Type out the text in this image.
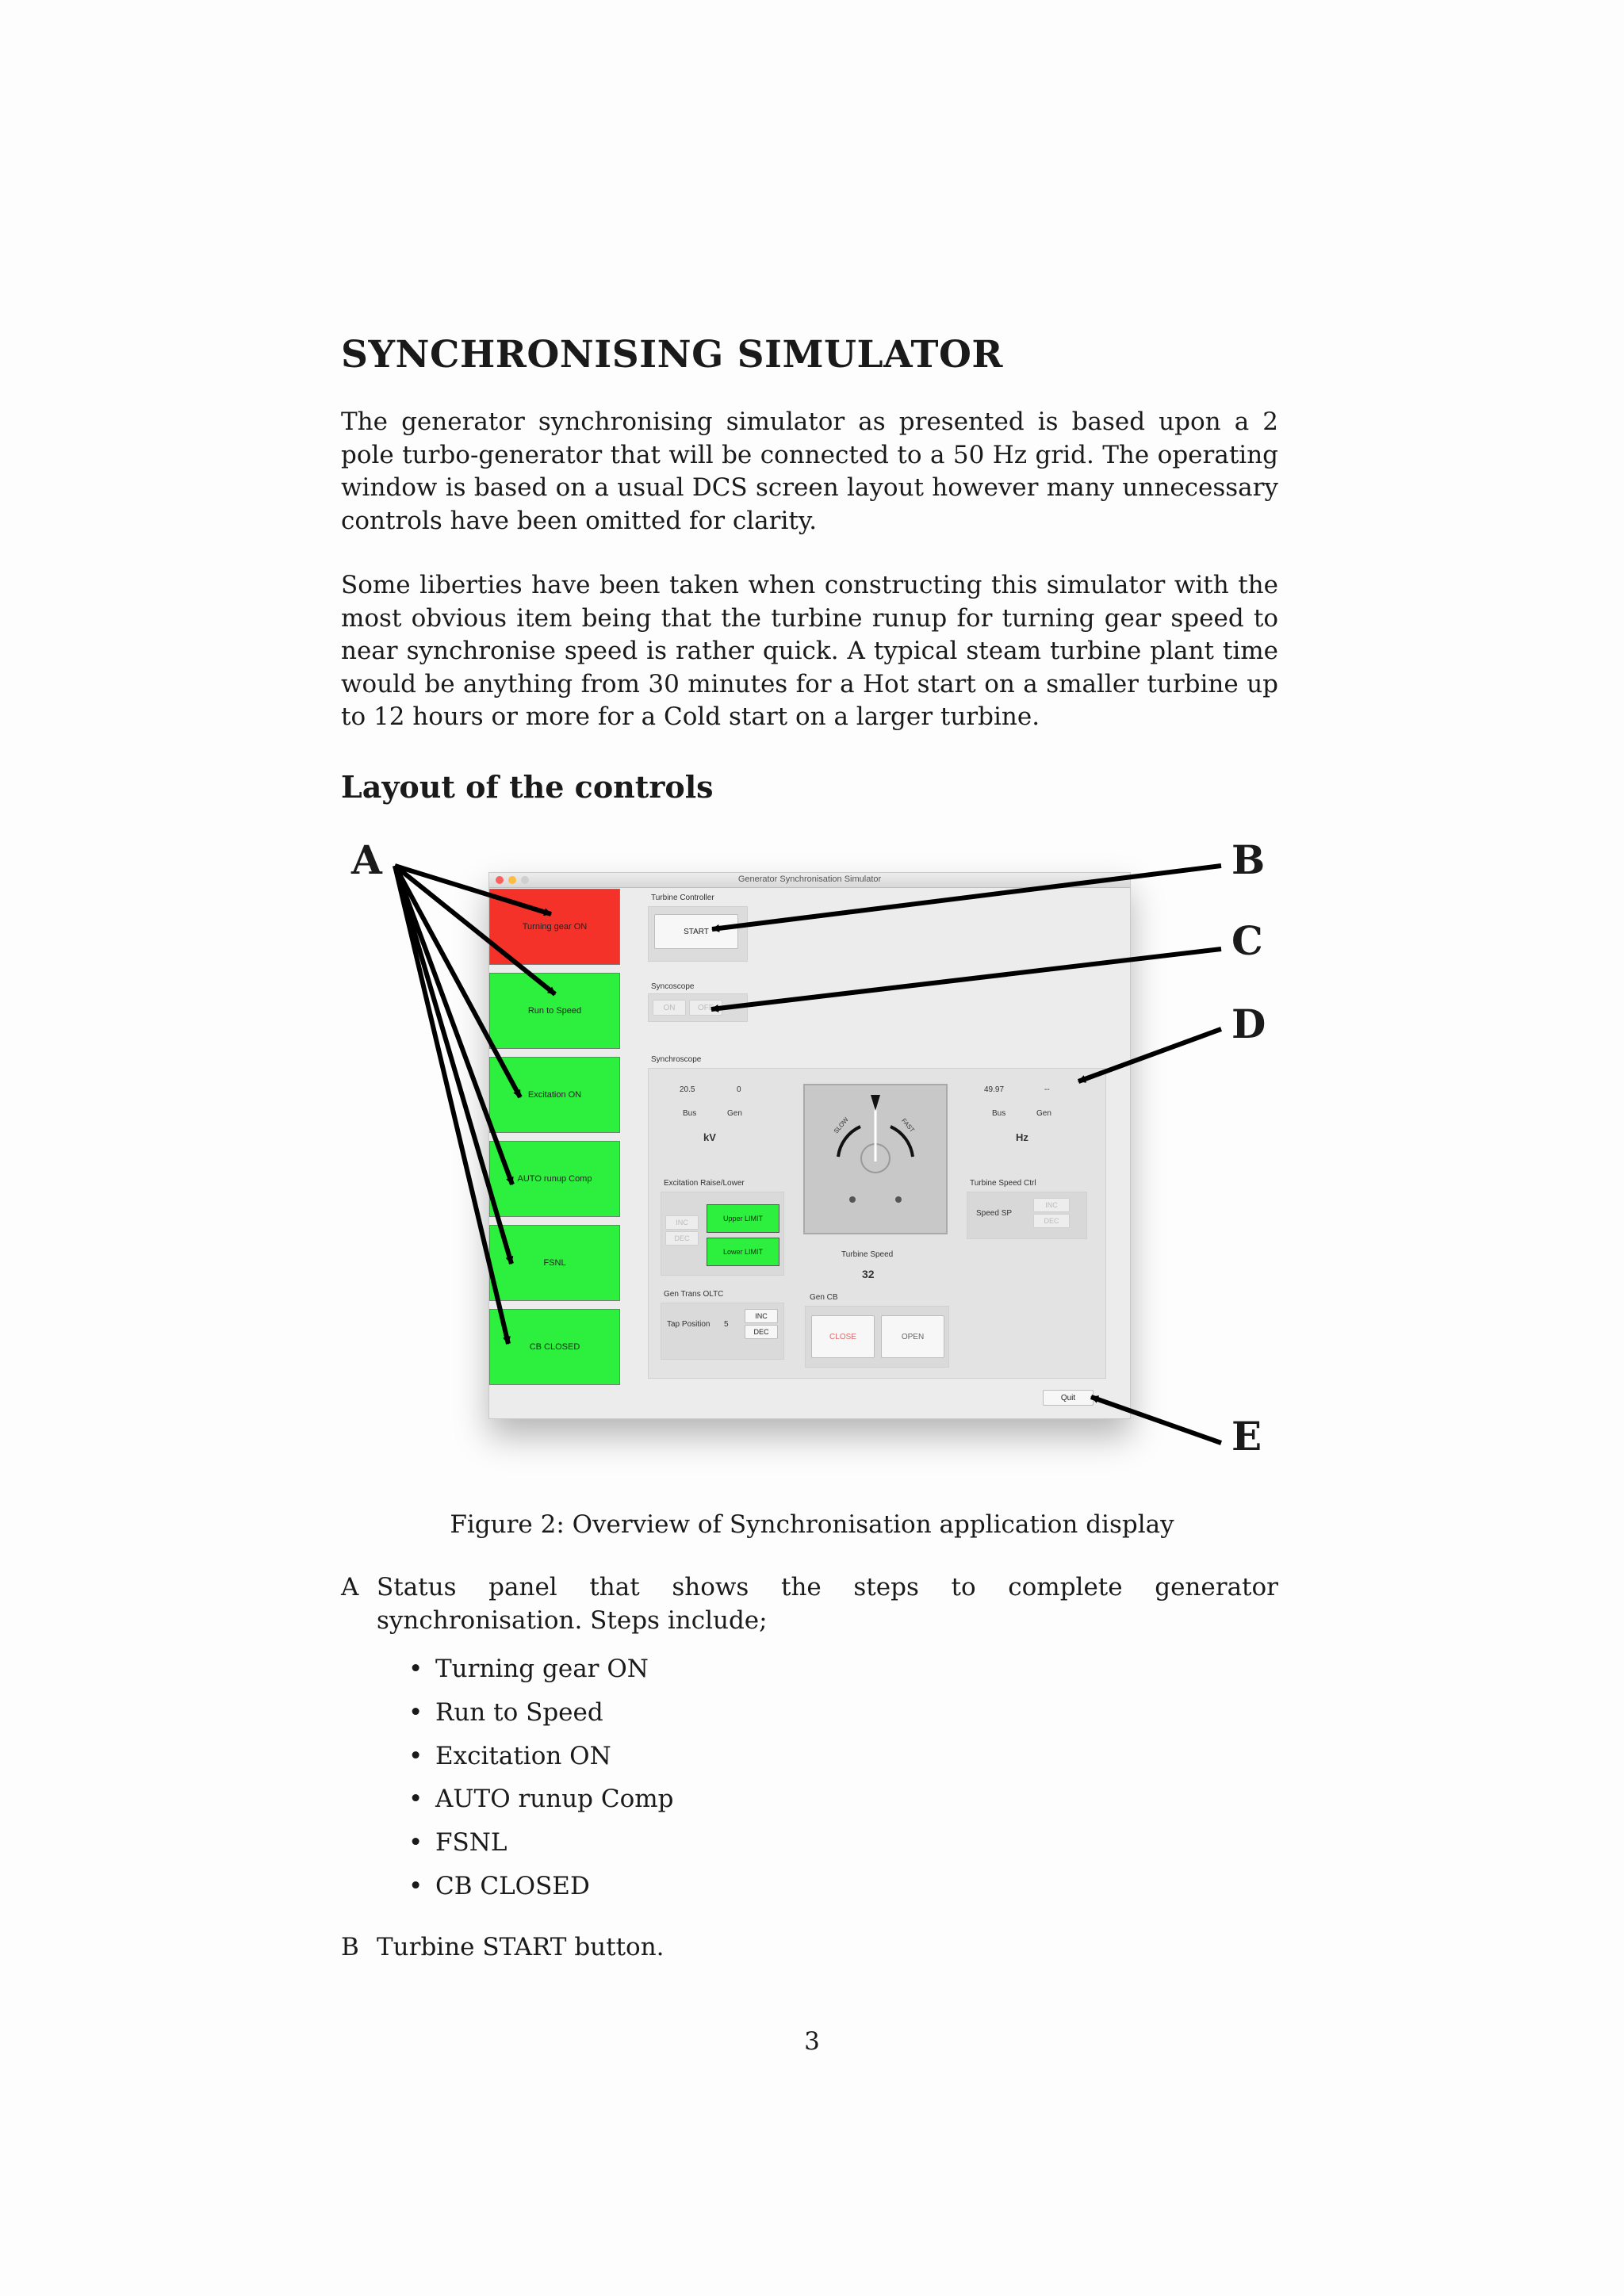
SYNCHRONISING SIMULATOR
The generator synchronising simulator as presented is based upon a 2 pole turbo-generator that will be connected to a 50 Hz grid. The operating window is based on a usual DCS screen layout however many unnecessary controls have been omitted for clarity.
Some liberties have been taken when constructing this simulator with the most obvious item being that the turbine runup for turning gear speed to near synchronise speed is rather quick. A typical steam turbine plant time would be anything from 30 minutes for a Hot start on a smaller turbine up to 12 hours or more for a Cold start on a larger turbine.
Layout of the controls
A	B
C
D
E
Generator Synchronisation Simulator
Turning gear ON
Run to Speed
Excitation ON
AUTO runup Comp
FSNL
CB CLOSED
Turbine Controller
START
Syncoscope
ON	OFF
Synchroscope
20.5	0
Bus	Gen
kV
49.97	--
Bus	Gen
Hz
SLOW	FAST
Excitation Raise/Lower
INC
DEC
Upper LIMIT
Lower LIMIT	Turbine Speed
32
Turbine Speed Ctrl
Speed SP
INC
DEC
Gen Trans OLTC
Tap Position 5
INC
DEC
Gen CB
CLOSE	OPEN
Quit
Figure 2: Overview of Synchronisation application display
A Status panel that shows the steps to complete generator synchronisation. Steps include;
• Turning gear ON
• Run to Speed
• Excitation ON
• AUTO runup Comp
• FSNL
• CB CLOSED
B Turbine START button.
3
